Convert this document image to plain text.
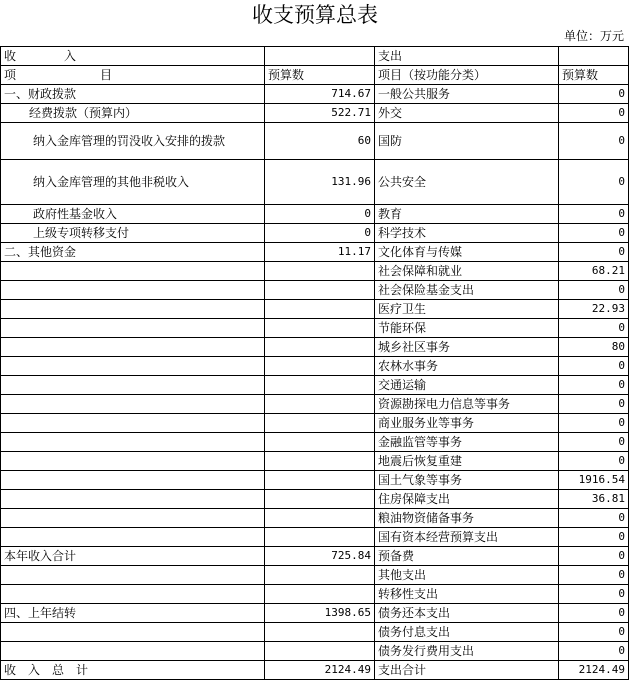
收支预算总表
单位：万元
收　　　　入		支出	
项　　　　　　　目	预算数	项目（按功能分类）	预算数
一、财政拨款	714.67	一般公共服务	0
经费拨款（预算内）	522.71	外交	0
纳入金库管理的罚没收入安排的拨款	60	国防	0
纳入金库管理的其他非税收入	131.96	公共安全	0
政府性基金收入	0	教育	0
上级专项转移支付	0	科学技术	0
二、其他资金	11.17	文化体育与传媒	0
		社会保障和就业	68.21
		社会保险基金支出	0
		医疗卫生	22.93
		节能环保	0
		城乡社区事务	80
		农林水事务	0
		交通运输	0
		资源勘探电力信息等事务	0
		商业服务业等事务	0
		金融监管等事务	0
		地震后恢复重建	0
		国土气象等事务	1916.54
		住房保障支出	36.81
		粮油物资储备事务	0
		国有资本经营预算支出	0
本年收入合计	725.84	预备费	0
		其他支出	0
		转移性支出	0
四、上年结转	1398.65	债务还本支出	0
		债务付息支出	0
		债务发行费用支出	0
收　入　总　计	2124.49	支出合计	2124.49
